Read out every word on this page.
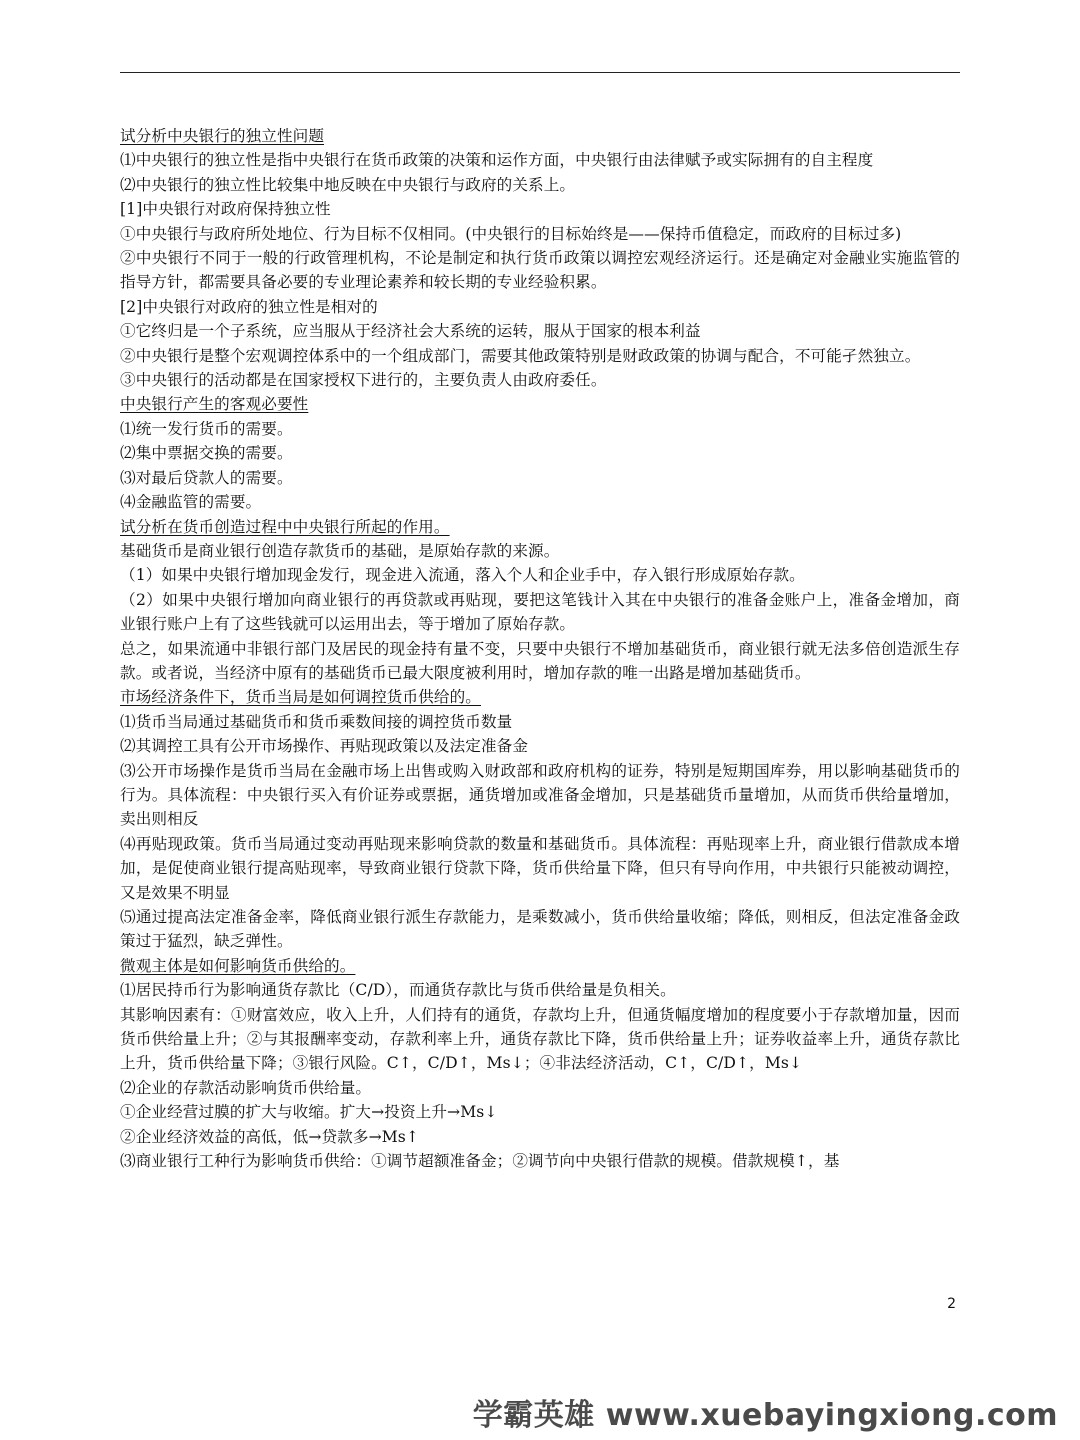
试分析中央银行的独立性问题

⑴中央银行的独立性是指中央银行在货币政策的决策和运作方面，中央银行由法律赋予或实际拥有的自主程度

⑵中央银行的独立性比较集中地反映在中央银行与政府的关系上。

[1]中央银行对政府保持独立性

①中央银行与政府所处地位、行为目标不仅相同。(中央银行的目标始终是——保持币值稳定，而政府的目标过多)

②中央银行不同于一般的行政管理机构，不论是制定和执行货币政策以调控宏观经济运行。还是确定对金融业实施监管的指导方针，都需要具备必要的专业理论素养和较长期的专业经验积累。

[2]中央银行对政府的独立性是相对的

①它终归是一个子系统，应当服从于经济社会大系统的运转，服从于国家的根本利益

②中央银行是整个宏观调控体系中的一个组成部门，需要其他政策特别是财政政策的协调与配合，不可能孑然独立。

③中央银行的活动都是在国家授权下进行的，主要负责人由政府委任。

中央银行产生的客观必要性

⑴统一发行货币的需要。

⑵集中票据交换的需要。

⑶对最后贷款人的需要。

⑷金融监管的需要。

试分析在货币创造过程中中央银行所起的作用。

基础货币是商业银行创造存款货币的基础，是原始存款的来源。

（1）如果中央银行增加现金发行，现金进入流通，落入个人和企业手中，存入银行形成原始存款。

（2）如果中央银行增加向商业银行的再贷款或再贴现，要把这笔钱计入其在中央银行的准备金账户上，准备金增加，商业银行账户上有了这些钱就可以运用出去，等于增加了原始存款。

总之，如果流通中非银行部门及居民的现金持有量不变，只要中央银行不增加基础货币，商业银行就无法多倍创造派生存款。或者说，当经济中原有的基础货币已最大限度被利用时，增加存款的唯一出路是增加基础货币。

市场经济条件下，货币当局是如何调控货币供给的。

⑴货币当局通过基础货币和货币乘数间接的调控货币数量

⑵其调控工具有公开市场操作、再贴现政策以及法定准备金

⑶公开市场操作是货币当局在金融市场上出售或购入财政部和政府机构的证券，特别是短期国库券，用以影响基础货币的行为。具体流程：中央银行买入有价证券或票据，通货增加或准备金增加，只是基础货币量增加，从而货币供给量增加，卖出则相反

⑷再贴现政策。货币当局通过变动再贴现来影响贷款的数量和基础货币。具体流程：再贴现率上升，商业银行借款成本增加，是促使商业银行提高贴现率，导致商业银行贷款下降，货币供给量下降，但只有导向作用，中共银行只能被动调控，又是效果不明显

⑸通过提高法定准备金率，降低商业银行派生存款能力，是乘数减小，货币供给量收缩；降低，则相反，但法定准备金政策过于猛烈，缺乏弹性。

微观主体是如何影响货币供给的。

⑴居民持币行为影响通货存款比（C/D），而通货存款比与货币供给量是负相关。

其影响因素有：①财富效应，收入上升，人们持有的通货，存款均上升，但通货幅度增加的程度要小于存款增加量，因而货币供给量上升；②与其报酬率变动，存款利率上升，通货存款比下降，货币供给量上升；证券收益率上升，通货存款比上升，货币供给量下降；③银行风险。C↑，C/D↑，Ms↓；④非法经济活动，C↑，C/D↑，Ms↓

⑵企业的存款活动影响货币供给量。

①企业经营过膜的扩大与收缩。扩大→投资上升→Ms↓

②企业经济效益的高低，低→贷款多→Ms↑

⑶商业银行工种行为影响货币供给：①调节超额准备金；②调节向中央银行借款的规模。借款规模↑，基

2
学霸英雄 www.xuebayingxiong.com
